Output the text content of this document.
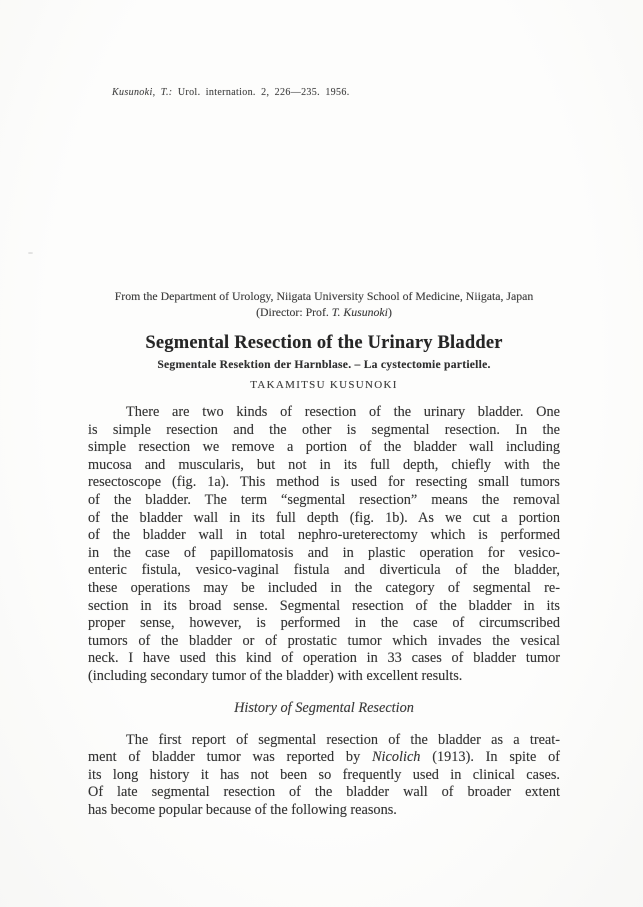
Kusunoki, T.: Urol. internation. 2, 226—235. 1956.
From the Department of Urology, Niigata University School of Medicine, Niigata, Japan
(Director: Prof. T. Kusunoki)
Segmental Resection of the Urinary Bladder
Segmentale Resektion der Harnblase. – La cystectomie partielle.
TAKAMITSU KUSUNOKI
There are two kinds of resection of the urinary bladder. One
is simple resection and the other is segmental resection. In the
simple resection we remove a portion of the bladder wall including
mucosa and muscularis, but not in its full depth, chiefly with the
resectoscope (fig. 1a). This method is used for resecting small tumors
of the bladder. The term “segmental resection” means the removal
of the bladder wall in its full depth (fig. 1b). As we cut a portion
of the bladder wall in total nephro-ureterectomy which is performed
in the case of papillomatosis and in plastic operation for vesico-
enteric fistula, vesico-vaginal fistula and diverticula of the bladder,
these operations may be included in the category of segmental re-
section in its broad sense. Segmental resection of the bladder in its
proper sense, however, is performed in the case of circumscribed
tumors of the bladder or of prostatic tumor which invades the vesical
neck. I have used this kind of operation in 33 cases of bladder tumor
(including secondary tumor of the bladder) with excellent results.
History of Segmental Resection
The first report of segmental resection of the bladder as a treat-
ment of bladder tumor was reported by Nicolich (1913). In spite of
its long history it has not been so frequently used in clinical cases.
Of late segmental resection of the bladder wall of broader extent
has become popular because of the following reasons.
